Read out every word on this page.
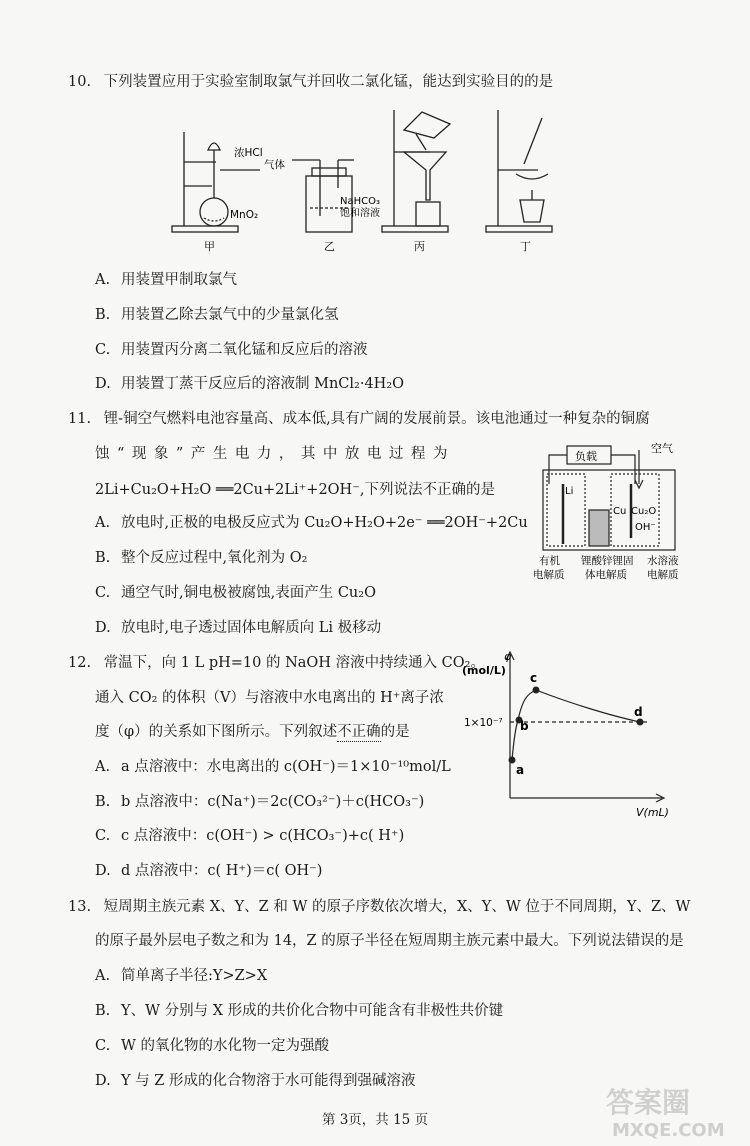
10. 下列装置应用于实验室制取氯气并回收二氯化锰，能达到实验目的的是
浓HCl
MnO₂
气体
NaHCO₃
饱和溶液
甲	乙	丙	丁
A. 用装置甲制取氯气
B. 用装置乙除去氯气中的少量氯化氢
C. 用装置丙分离二氧化锰和反应后的溶液
D. 用装置丁蒸干反应后的溶液制 MnCl₂·4H₂O
11. 锂-铜空气燃料电池容量高、成本低,具有广阔的发展前景。该电池通过一种复杂的铜腐
蚀“现象”产生电力，其中放电过程为
2Li+Cu₂O+H₂O ══2Cu+2Li⁺+2OH⁻,下列说法不正确的是
负载
空气
Li
Cu Cu₂O
OH⁻
有机
电解质
锂酸锌锂固
体电解质
水溶液
电解质
A. 放电时,正极的电极反应式为 Cu₂O+H₂O+2e⁻ ══2OH⁻+2Cu
B. 整个反应过程中,氧化剂为 O₂
C. 通空气时,铜电极被腐蚀,表面产生 Cu₂O
D. 放电时,电子透过固体电解质向 Li 极移动
12. 常温下，向 1 L pH=10 的 NaOH 溶液中持续通入 CO₂。
通入 CO₂ 的体积（V）与溶液中水电离出的 H⁺离子浓
度（φ）的关系如下图所示。下列叙述不正确的是
φ
(mol/L)
1×10⁻⁷
V(mL)
a
b
c
d
A. a 点溶液中：水电离出的 c(OH⁻)＝1×10⁻¹⁰mol/L
B. b 点溶液中：c(Na⁺)＝2c(CO₃²⁻)＋c(HCO₃⁻)
C. c 点溶液中：c(OH⁻) > c(HCO₃⁻)+c( H⁺)
D. d 点溶液中：c( H⁺)＝c( OH⁻)
13. 短周期主族元素 X、Y、Z 和 W 的原子序数依次增大，X、Y、W 位于不同周期，Y、Z、W
的原子最外层电子数之和为 14，Z 的原子半径在短周期主族元素中最大。下列说法错误的是
A. 简单离子半径:Y>Z>X
B. Y、W 分别与 X 形成的共价化合物中可能含有非极性共价键
C. W 的氧化物的水化物一定为强酸
D. Y 与 Z 形成的化合物溶于水可能得到强碱溶液
第 3页，共 15 页
答案圈
MXQE.COM
